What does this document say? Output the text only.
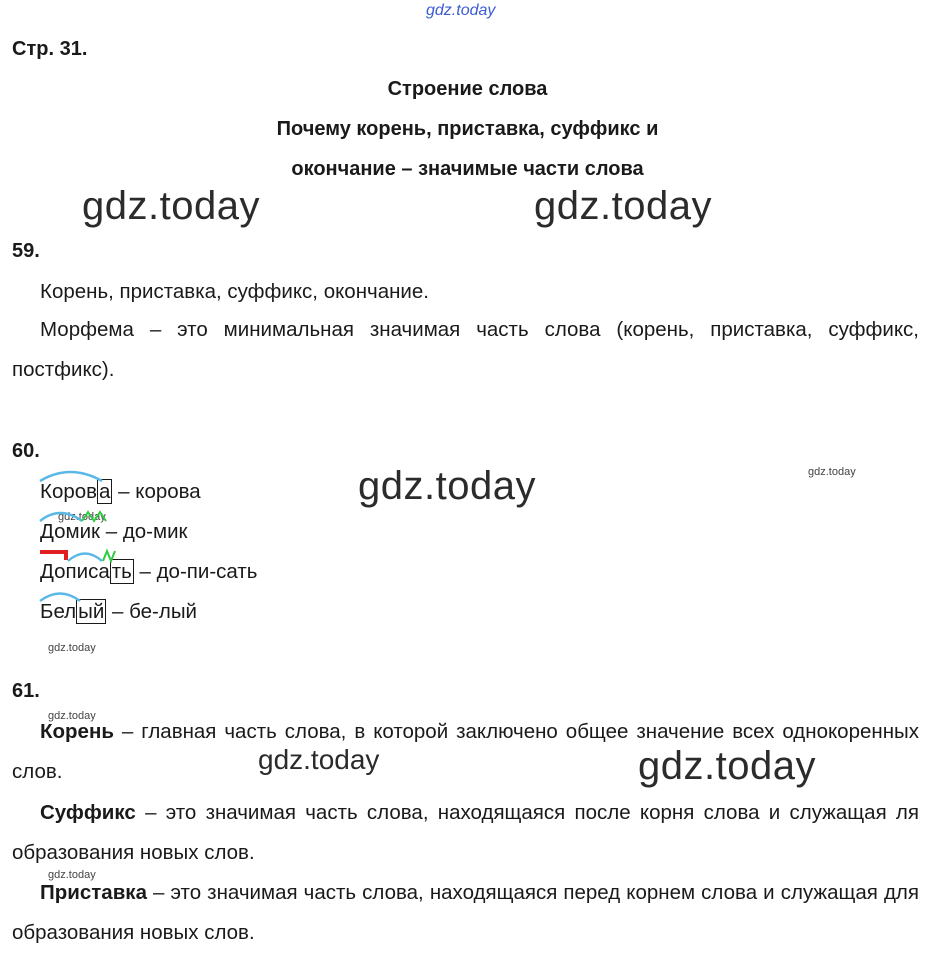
gdz.today
Стр. 31.
Строение слова
Почему корень, приставка, суффикс и
окончание – значимые части слова
gdz.today	gdz.today
59.
Корень, приставка, суффикс, окончание.
Морфема – это минимальная значимая часть слова (корень, приставка, суффикс, постфикс).
60.
gdz.today	gdz.today
gdz.today
Корова – корова
Домик – до-мик
Дописать – до-пи-сать
Белый – бе-лый
gdz.today
61.
gdz.today
Корень – главная часть слова, в которой заключено общее значение всех однокоренных слов.	gdz.today	gdz.today
Суффикс – это значимая часть слова, находящаяся после корня слова и служащая ля образования новых слов.
gdz.today
Приставка – это значимая часть слова, находящаяся перед корнем слова и служащая для образования новых слов.
